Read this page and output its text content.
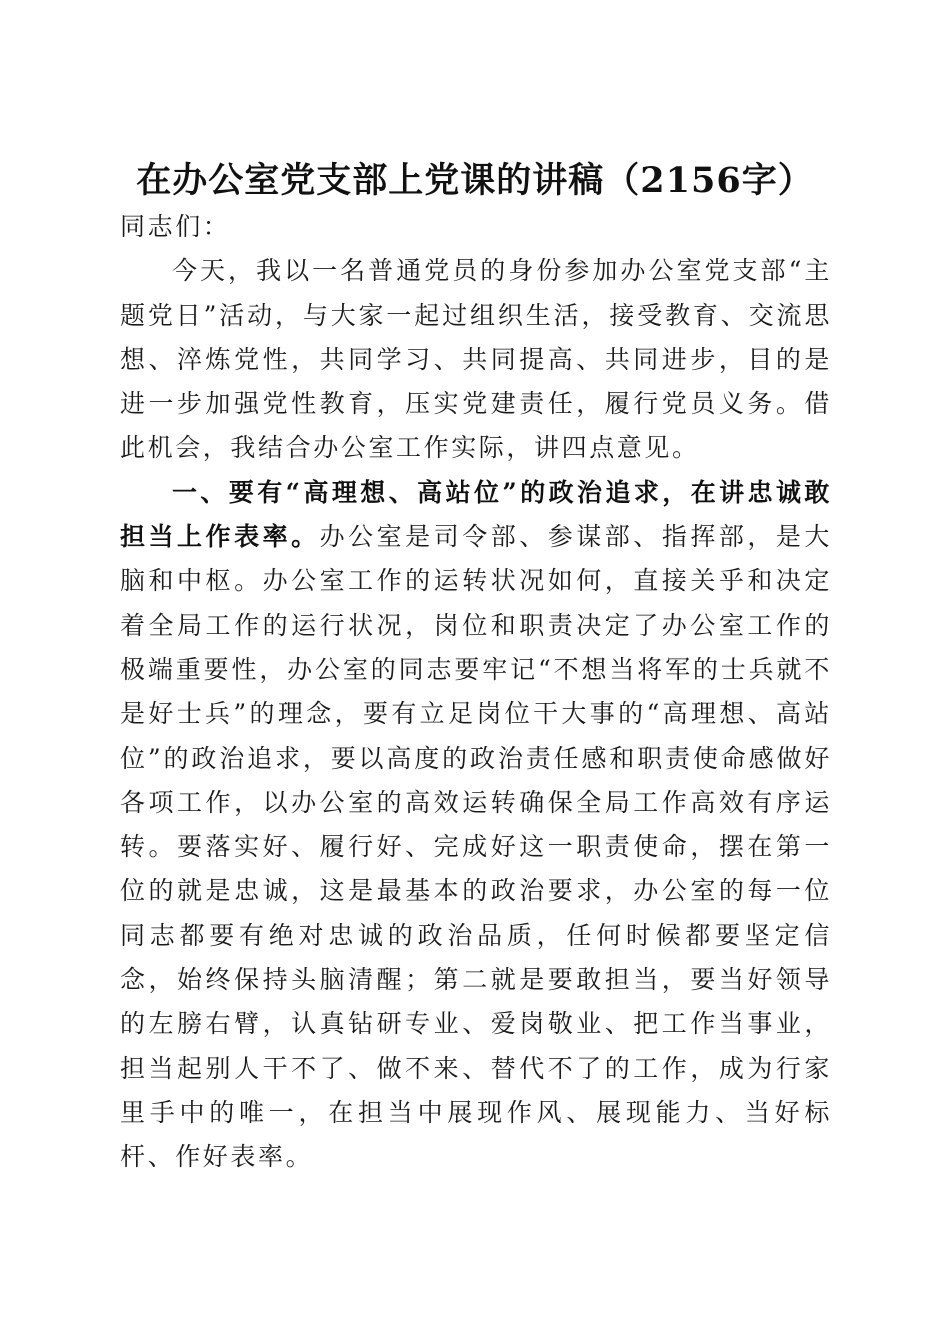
在办公室党支部上党课的讲稿（2156字）

同志们：

今天，我以一名普通党员的身份参加办公室党支部“主题党日”活动，与大家一起过组织生活，接受教育、交流思想、淬炼党性，共同学习、共同提高、共同进步，目的是进一步加强党性教育，压实党建责任，履行党员义务。借此机会，我结合办公室工作实际，讲四点意见。

一、要有“高理想、高站位”的政治追求，在讲忠诚敢担当上作表率。办公室是司令部、参谋部、指挥部，是大脑和中枢。办公室工作的运转状况如何，直接关乎和决定着全局工作的运行状况，岗位和职责决定了办公室工作的极端重要性，办公室的同志要牢记“不想当将军的士兵就不是好士兵”的理念，要有立足岗位干大事的“高理想、高站位”的政治追求，要以高度的政治责任感和职责使命感做好各项工作，以办公室的高效运转确保全局工作高效有序运转。要落实好、履行好、完成好这一职责使命，摆在第一位的就是忠诚，这是最基本的政治要求，办公室的每一位同志都要有绝对忠诚的政治品质，任何时候都要坚定信念，始终保持头脑清醒；第二就是要敢担当，要当好领导的左膀右臂，认真钻研专业、爱岗敬业、把工作当事业，担当起别人干不了、做不来、替代不了的工作，成为行家里手中的唯一，在担当中展现作风、展现能力、当好标杆、作好表率。
